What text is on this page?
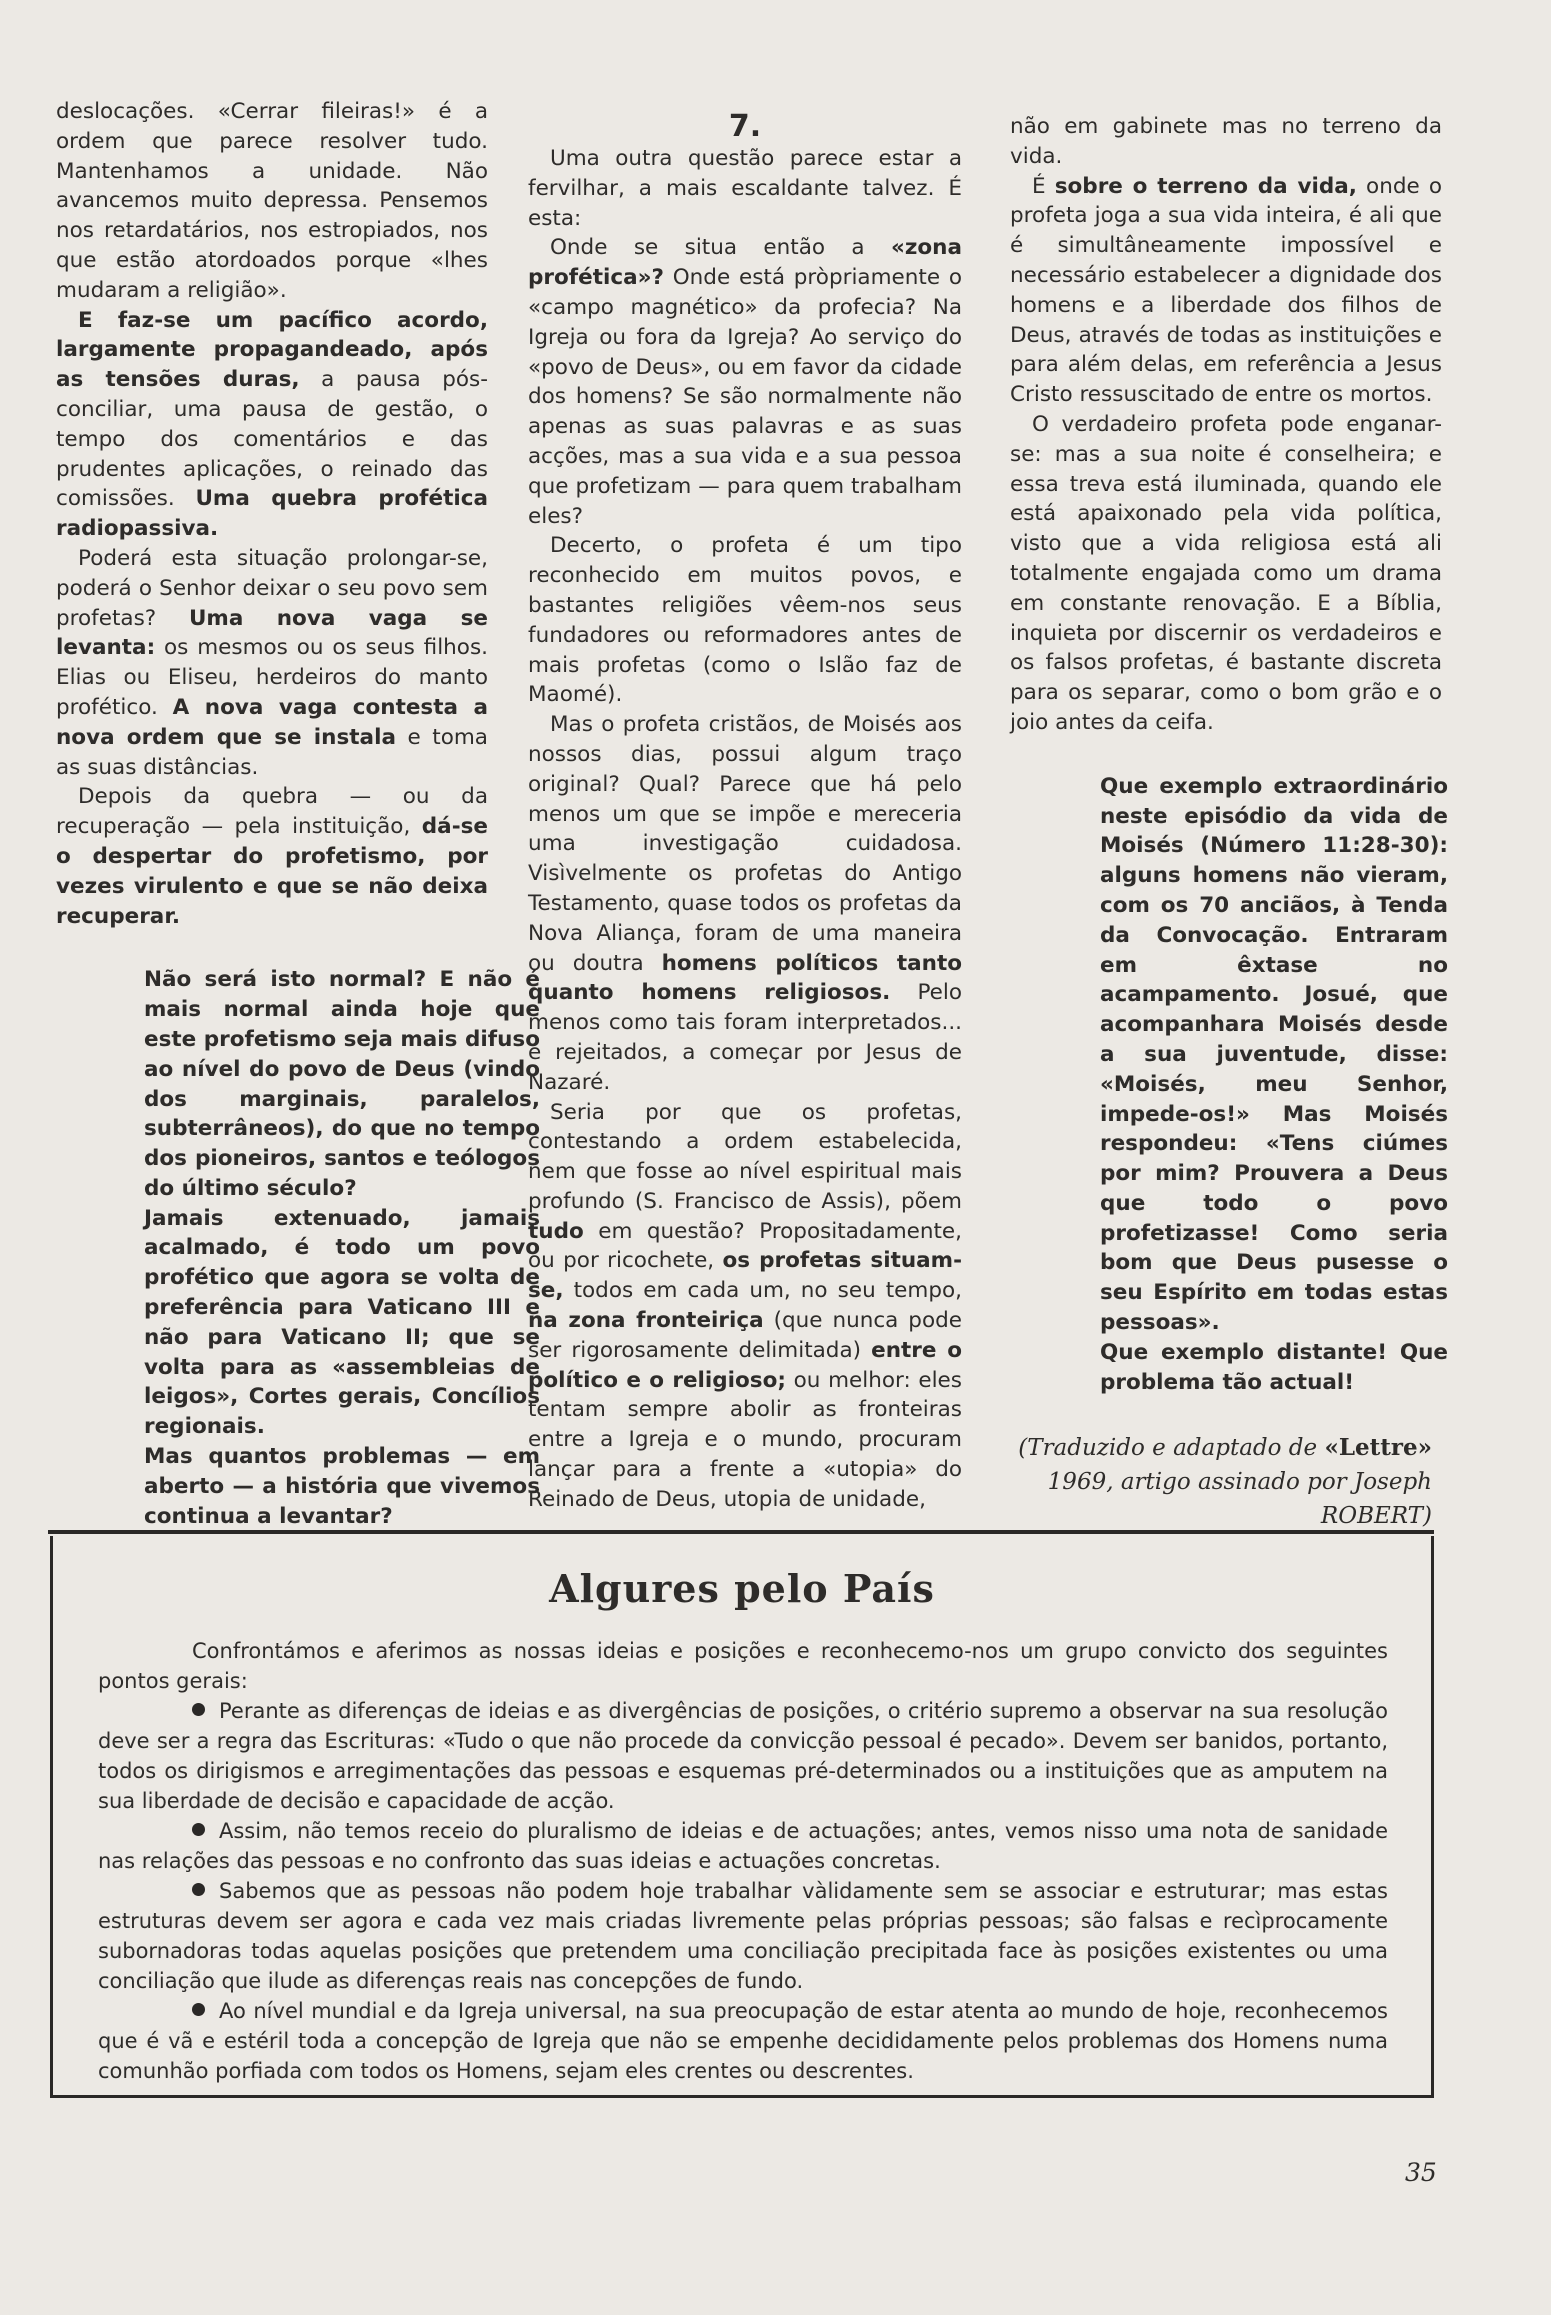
deslocações. «Cerrar fileiras!» é a ordem que parece resolver tudo. Mantenhamos a unidade. Não avancemos muito depressa. Pensemos nos retardatários, nos estropiados, nos que estão atordoados porque «lhes mudaram a religião».

E faz-se um pacífico acordo, largamente propagandeado, após as tensões duras, a pausa pós-conciliar, uma pausa de gestão, o tempo dos comentários e das prudentes aplicações, o reinado das comissões. Uma quebra profética radiopassiva.

Poderá esta situação prolongar-se, poderá o Senhor deixar o seu povo sem profetas? Uma nova vaga se levanta: os mesmos ou os seus filhos. Elias ou Eliseu, herdeiros do manto profético. A nova vaga contesta a nova ordem que se instala e toma as suas distâncias.

Depois da quebra — ou da recuperação — pela instituição, dá-se o despertar do profetismo, por vezes virulento e que se não deixa recuperar.

Não será isto normal? E não é mais normal ainda hoje que este profetismo seja mais difuso ao nível do povo de Deus (vindo dos marginais, paralelos, subterrâneos), do que no tempo dos pioneiros, santos e teólogos do último século?

Jamais extenuado, jamais acalmado, é todo um povo profético que agora se volta de preferência para Vaticano III e não para Vaticano II; que se volta para as «assembleias de leigos», Cortes gerais, Concílios regionais.

Mas quantos problemas — em aberto — a história que vivemos continua a levantar?

7.

Uma outra questão parece estar a fervilhar, a mais escaldante talvez. É esta:

Onde se situa então a «zona profética»? Onde está pròpriamente o «campo magnético» da profecia? Na Igreja ou fora da Igreja? Ao serviço do «povo de Deus», ou em favor da cidade dos homens? Se são normalmente não apenas as suas palavras e as suas acções, mas a sua vida e a sua pessoa que profetizam — para quem trabalham eles?

Decerto, o profeta é um tipo reconhecido em muitos povos, e bastantes religiões vêem-nos seus fundadores ou reformadores antes de mais profetas (como o Islão faz de Maomé).

Mas o profeta cristãos, de Moisés aos nossos dias, possui algum traço original? Qual? Parece que há pelo menos um que se impõe e mereceria uma investigação cuidadosa. Visìvelmente os profetas do Antigo Testamento, quase todos os profetas da Nova Aliança, foram de uma maneira ou doutra homens políticos tanto quanto homens religiosos. Pelo menos como tais foram interpretados... e rejeitados, a começar por Jesus de Nazaré.

Seria por que os profetas, contestando a ordem estabelecida, nem que fosse ao nível espiritual mais profundo (S. Francisco de Assis), põem tudo em questão? Propositadamente, ou por ricochete, os profetas situam-se, todos em cada um, no seu tempo, na zona fronteiriça (que nunca pode ser rigorosamente delimitada) entre o político e o religioso; ou melhor: eles tentam sempre abolir as fronteiras entre a Igreja e o mundo, procuram lançar para a frente a «utopia» do Reinado de Deus, utopia de unidade,

não em gabinete mas no terreno da vida.

É sobre o terreno da vida, onde o profeta joga a sua vida inteira, é ali que é simultâneamente impossível e necessário estabelecer a dignidade dos homens e a liberdade dos filhos de Deus, através de todas as instituições e para além delas, em referência a Jesus Cristo ressuscitado de entre os mortos.

O verdadeiro profeta pode enganar-se: mas a sua noite é conselheira; e essa treva está iluminada, quando ele está apaixonado pela vida política, visto que a vida religiosa está ali totalmente engajada como um drama em constante renovação. E a Bíblia, inquieta por discernir os verdadeiros e os falsos profetas, é bastante discreta para os separar, como o bom grão e o joio antes da ceifa.

Que exemplo extraordinário neste episódio da vida de Moisés (Número 11:28-30): alguns homens não vieram, com os 70 anciãos, à Tenda da Convocação. Entraram em êxtase no acampamento. Josué, que acompanhara Moisés desde a sua juventude, disse: «Moisés, meu Senhor, impede-os!» Mas Moisés respondeu: «Tens ciúmes por mim? Prouvera a Deus que todo o povo profetizasse! Como seria bom que Deus pusesse o seu Espírito em todas estas pessoas».

Que exemplo distante! Que problema tão actual!

(Traduzido e adaptado de «Lettre» 1969, artigo assinado por Joseph ROBERT)
Algures pelo País

Confrontámos e aferimos as nossas ideias e posições e reconhecemo-nos um grupo convicto dos seguintes pontos gerais:

Perante as diferenças de ideias e as divergências de posições, o critério supremo a observar na sua resolução deve ser a regra das Escrituras: «Tudo o que não procede da convicção pessoal é pecado». Devem ser banidos, portanto, todos os dirigismos e arregimentações das pessoas e esquemas pré-determinados ou a instituições que as amputem na sua liberdade de decisão e capacidade de acção.

Assim, não temos receio do pluralismo de ideias e de actuações; antes, vemos nisso uma nota de sanidade nas relações das pessoas e no confronto das suas ideias e actuações concretas.

Sabemos que as pessoas não podem hoje trabalhar vàlidamente sem se associar e estruturar; mas estas estruturas devem ser agora e cada vez mais criadas livremente pelas próprias pessoas; são falsas e recìprocamente subornadoras todas aquelas posições que pretendem uma conciliação precipitada face às posições existentes ou uma conciliação que ilude as diferenças reais nas concepções de fundo.

Ao nível mundial e da Igreja universal, na sua preocupação de estar atenta ao mundo de hoje, reconhecemos que é vã e estéril toda a concepção de Igreja que não se empenhe decididamente pelos problemas dos Homens numa comunhão porfiada com todos os Homens, sejam eles crentes ou descrentes.

35
